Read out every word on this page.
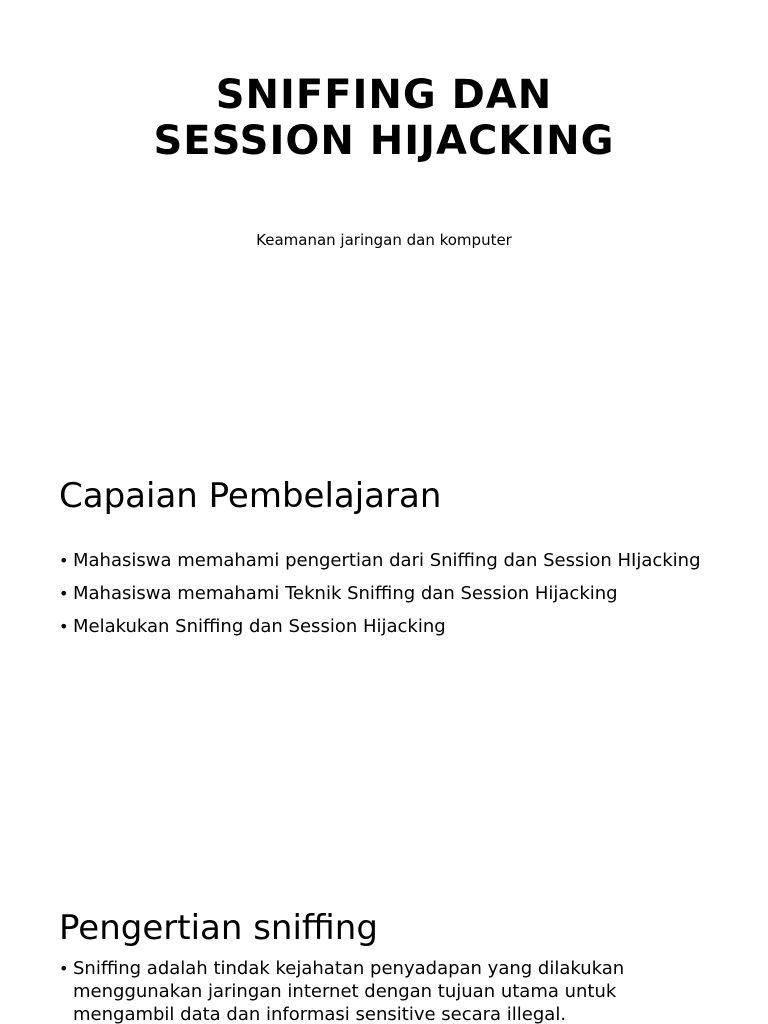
SNIFFING DAN
SESSION HIJACKING
Keamanan jaringan dan komputer
Capaian Pembelajaran
• Mahasiswa memahami pengertian dari Sniffing dan Session HIjacking
• Mahasiswa memahami Teknik Sniffing dan Session Hijacking
• Melakukan Sniffing dan Session Hijacking
Pengertian sniffing
• Sniffing adalah tindak kejahatan penyadapan yang dilakukan menggunakan jaringan internet dengan tujuan utama untuk mengambil data dan informasi sensitive secara illegal.
